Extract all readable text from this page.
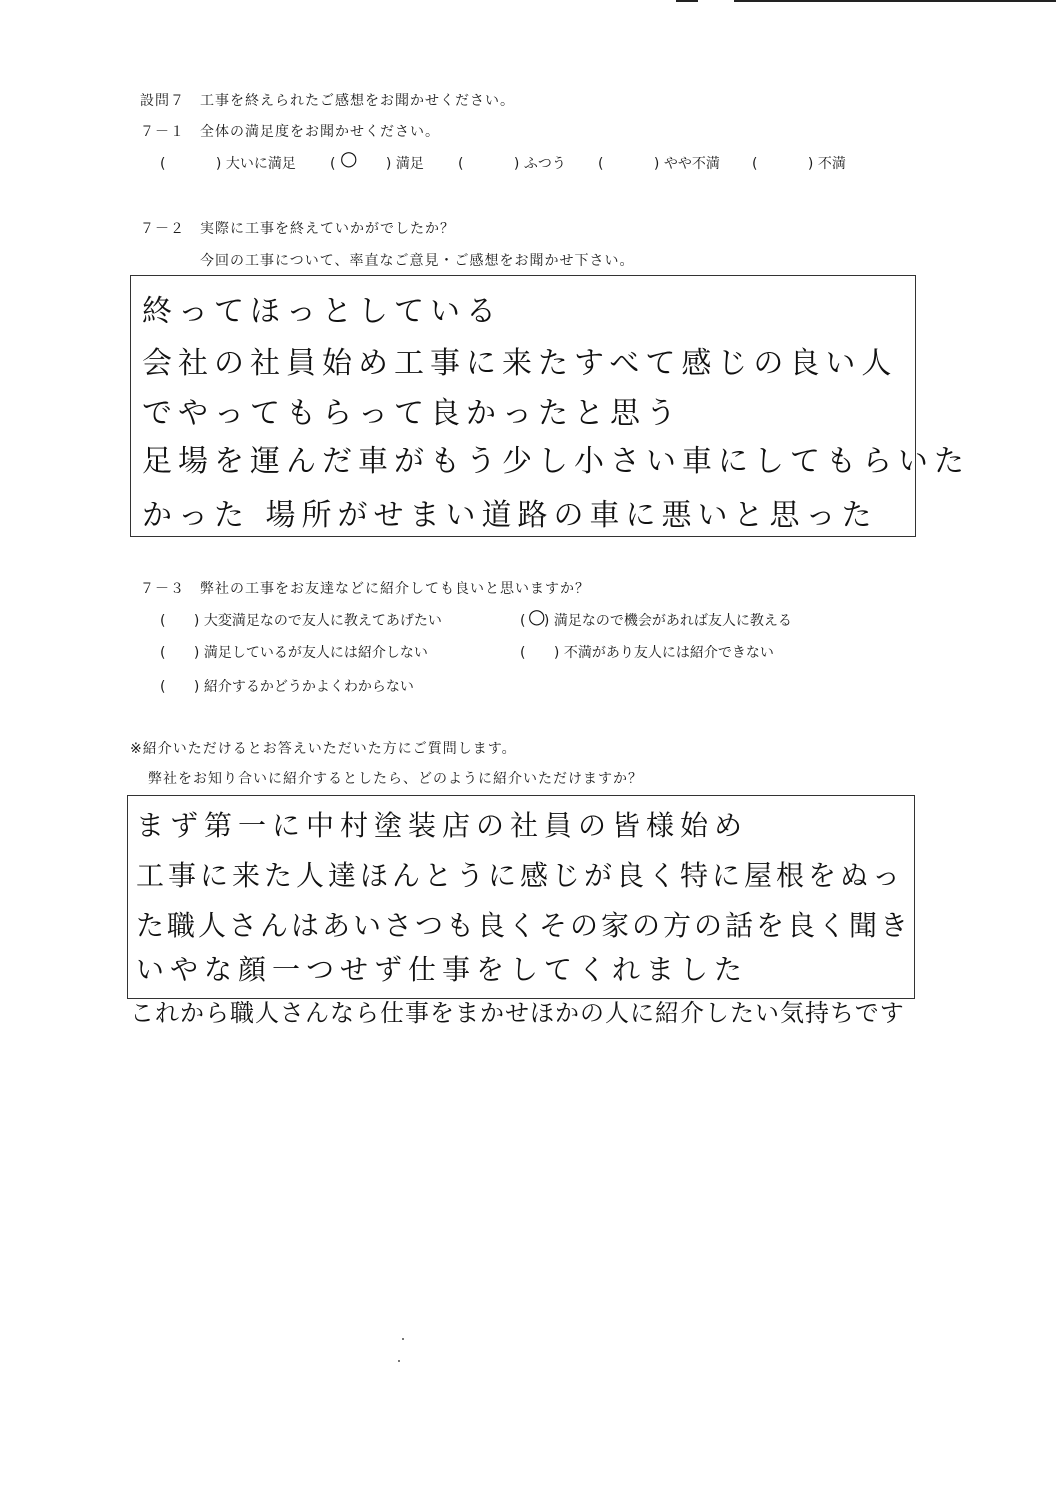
設問７　工事を終えられたご感想をお聞かせください。
７－１　全体の満足度をお聞かせください。
(	) 大いに満足 (	) 満足
○	(	) ふつう (	) やや不満 (	) 不満
７－２　実際に工事を終えていかがでしたか？
今回の工事について、率直なご意見・ご感想をお聞かせ下さい。
終ってほっとしている
会社の社員始め工事に来たすべて感じの良い人
でやってもらって良かったと思う
足場を運んだ車がもう少し小さい車にしてもらいた
かった 場所がせまい道路の車に悪いと思った
７－３　弊社の工事をお友達などに紹介しても良いと思いますか？
( ) 大変満足なので友人に教えてあげたい	( ) 満足なので機会があれば友人に教える
○
( ) 満足しているが友人には紹介しない	( ) 不満があり友人には紹介できない
( ) 紹介するかどうかよくわからない
※紹介いただけるとお答えいただいた方にご質問します。
弊社をお知り合いに紹介するとしたら、どのように紹介いただけますか？
まず第一に中村塗装店の社員の皆様始め
工事に来た人達ほんとうに感じが良く特に屋根をぬっ
た職人さんはあいさつも良くその家の方の話を良く聞き
いやな顔一つせず仕事をしてくれました
これから職人さんなら仕事をまかせほかの人に紹介したい気持ちです
